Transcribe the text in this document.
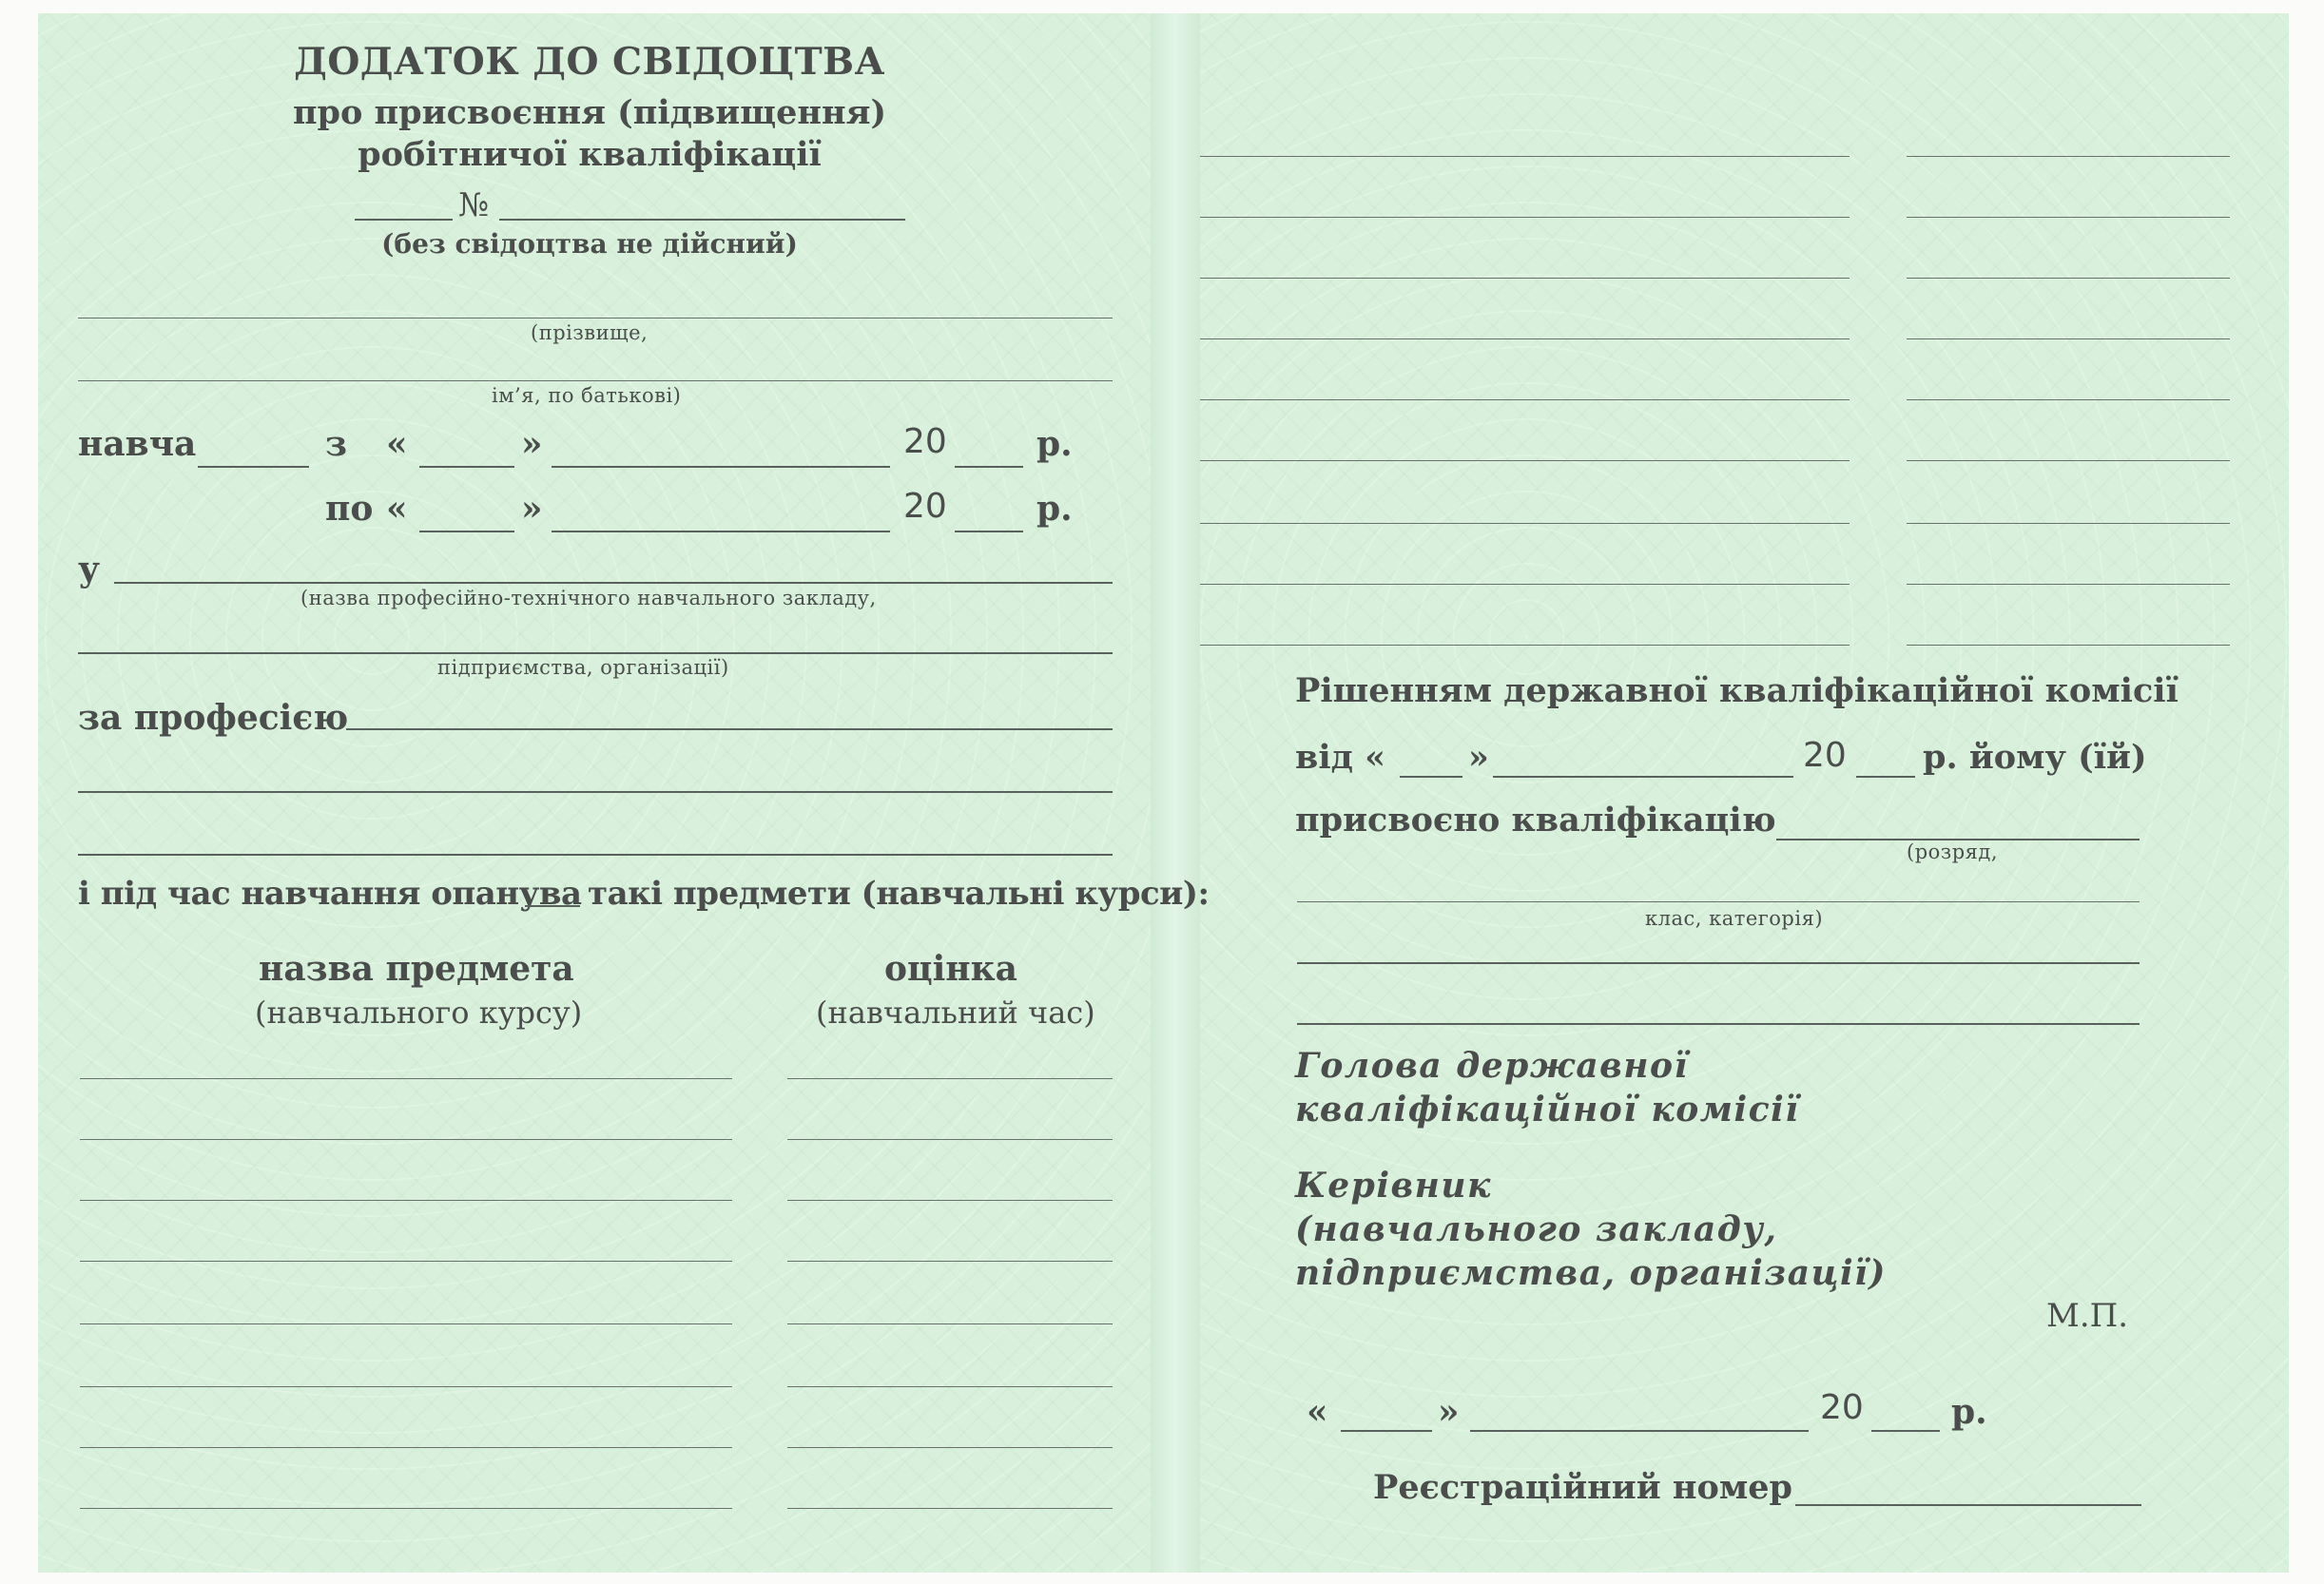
ДОДАТОК ДО СВІДОЦТВА
про присвоєння (підвищення)
робітничої кваліфікації
№
(без свідоцтва не дійсний)
(прізвище,
ім’я, по батькові)
навча	з «	»	20	р.
по «	»	20	р.
у
(назва професійно-технічного навчального закладу,
підприємства, організації)
за професією
і під час навчання опанува такі предмети (навчальні курси):
назва предмета
(навчального курсу)
оцінка
(навчальний час)
Рішенням державної кваліфікаційної комісії
від « »	20 р. йому (їй)
присвоєно кваліфікацію
(розряд,
клас, категорія)
Голова державної
кваліфікаційної комісії
Керівник
(навчального закладу,
підприємства, організації)
М.П.
«	»	20	р.
Реєстраційний номер
